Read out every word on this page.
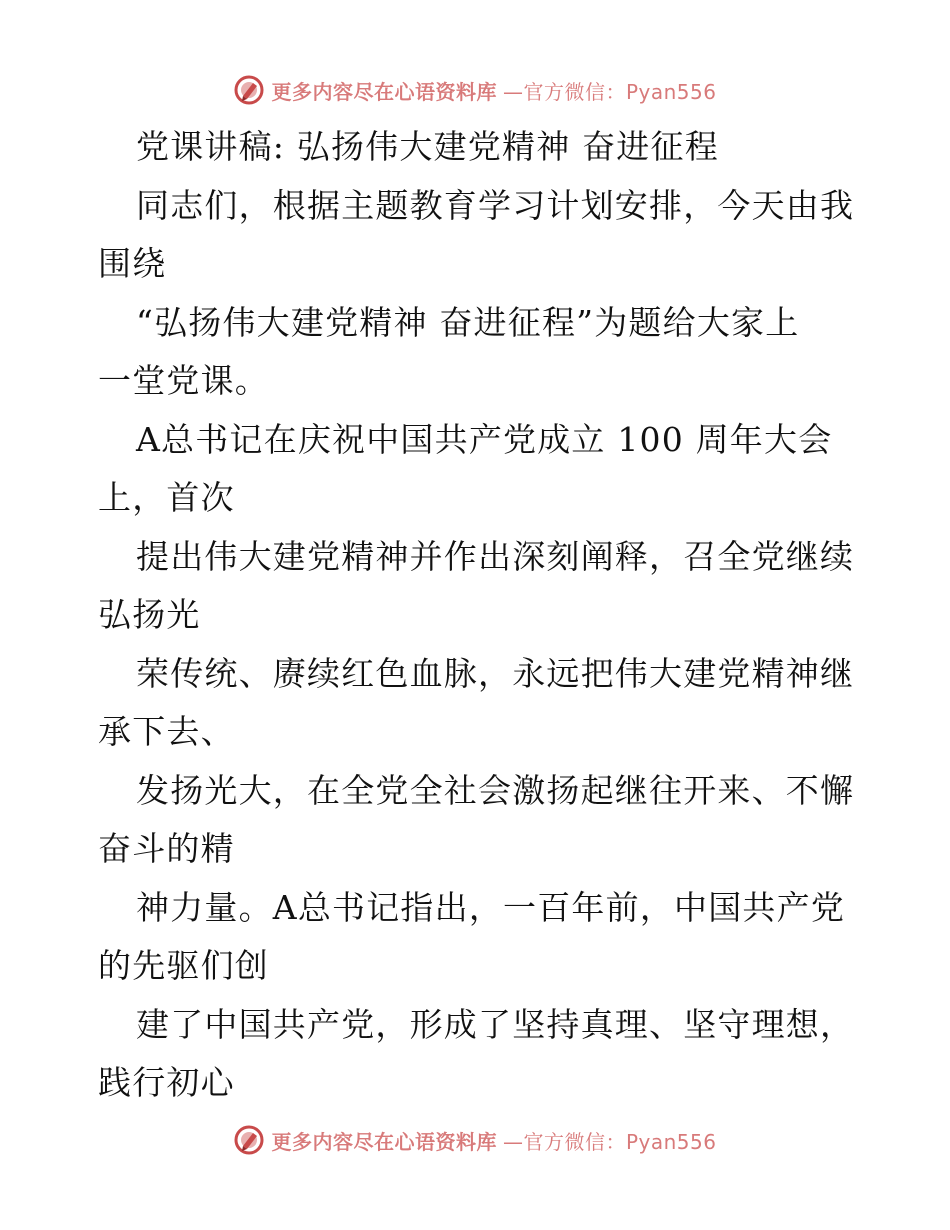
更多内容尽在心语资料库 —官方微信：Pyan556
党课讲稿: 弘扬伟大建党精神 奋进征程
同志们，根据主题教育学习计划安排，今天由我
围绕
“弘扬伟大建党精神 奋进征程”为题给大家上
一堂党课。
A总书记在庆祝中国共产党成立 100 周年大会
上，首次
提出伟大建党精神并作出深刻阐释，召全党继续
弘扬光
荣传统、赓续红色血脉，永远把伟大建党精神继
承下去、
发扬光大，在全党全社会激扬起继往开来、不懈
奋斗的精
神力量。A总书记指出，一百年前，中国共产党
的先驱们创
建了中国共产党，形成了坚持真理、坚守理想，
践行初心
更多内容尽在心语资料库 —官方微信：Pyan556
